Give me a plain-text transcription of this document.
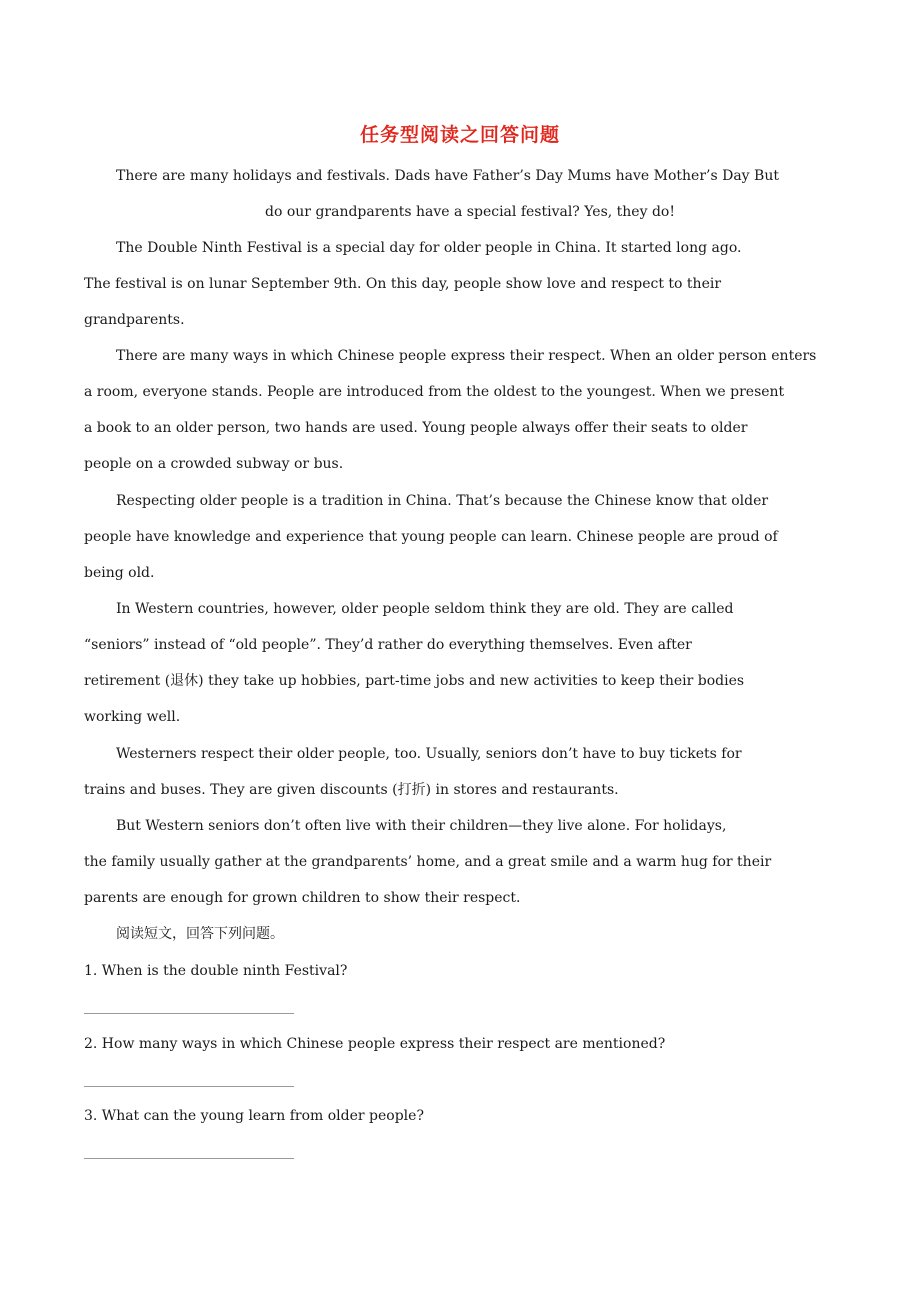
任务型阅读之回答问题
There are many holidays and festivals. Dads have Father’s Day Mums have Mother’s Day But
do our grandparents have a special festival? Yes, they do!
The Double Ninth Festival is a special day for older people in China. It started long ago.
The festival is on lunar September 9th. On this day, people show love and respect to their
grandparents.
There are many ways in which Chinese people express their respect. When an older person enters
a room, everyone stands. People are introduced from the oldest to the youngest. When we present
a book to an older person, two hands are used. Young people always offer their seats to older
people on a crowded subway or bus.
Respecting older people is a tradition in China. That’s because the Chinese know that older
people have knowledge and experience that young people can learn. Chinese people are proud of
being old.
In Western countries, however, older people seldom think they are old. They are called
“seniors” instead of “old people”. They’d rather do everything themselves. Even after
retirement (退休) they take up hobbies, part-time jobs and new activities to keep their bodies
working well.
Westerners respect their older people, too. Usually, seniors don’t have to buy tickets for
trains and buses. They are given discounts (打折) in stores and restaurants.
But Western seniors don’t often live with their children—they live alone. For holidays,
the family usually gather at the grandparents’ home, and a great smile and a warm hug for their
parents are enough for grown children to show their respect.
阅读短文，回答下列问题。
1. When is the double ninth Festival?
2. How many ways in which Chinese people express their respect are mentioned?
3. What can the young learn from older people?
